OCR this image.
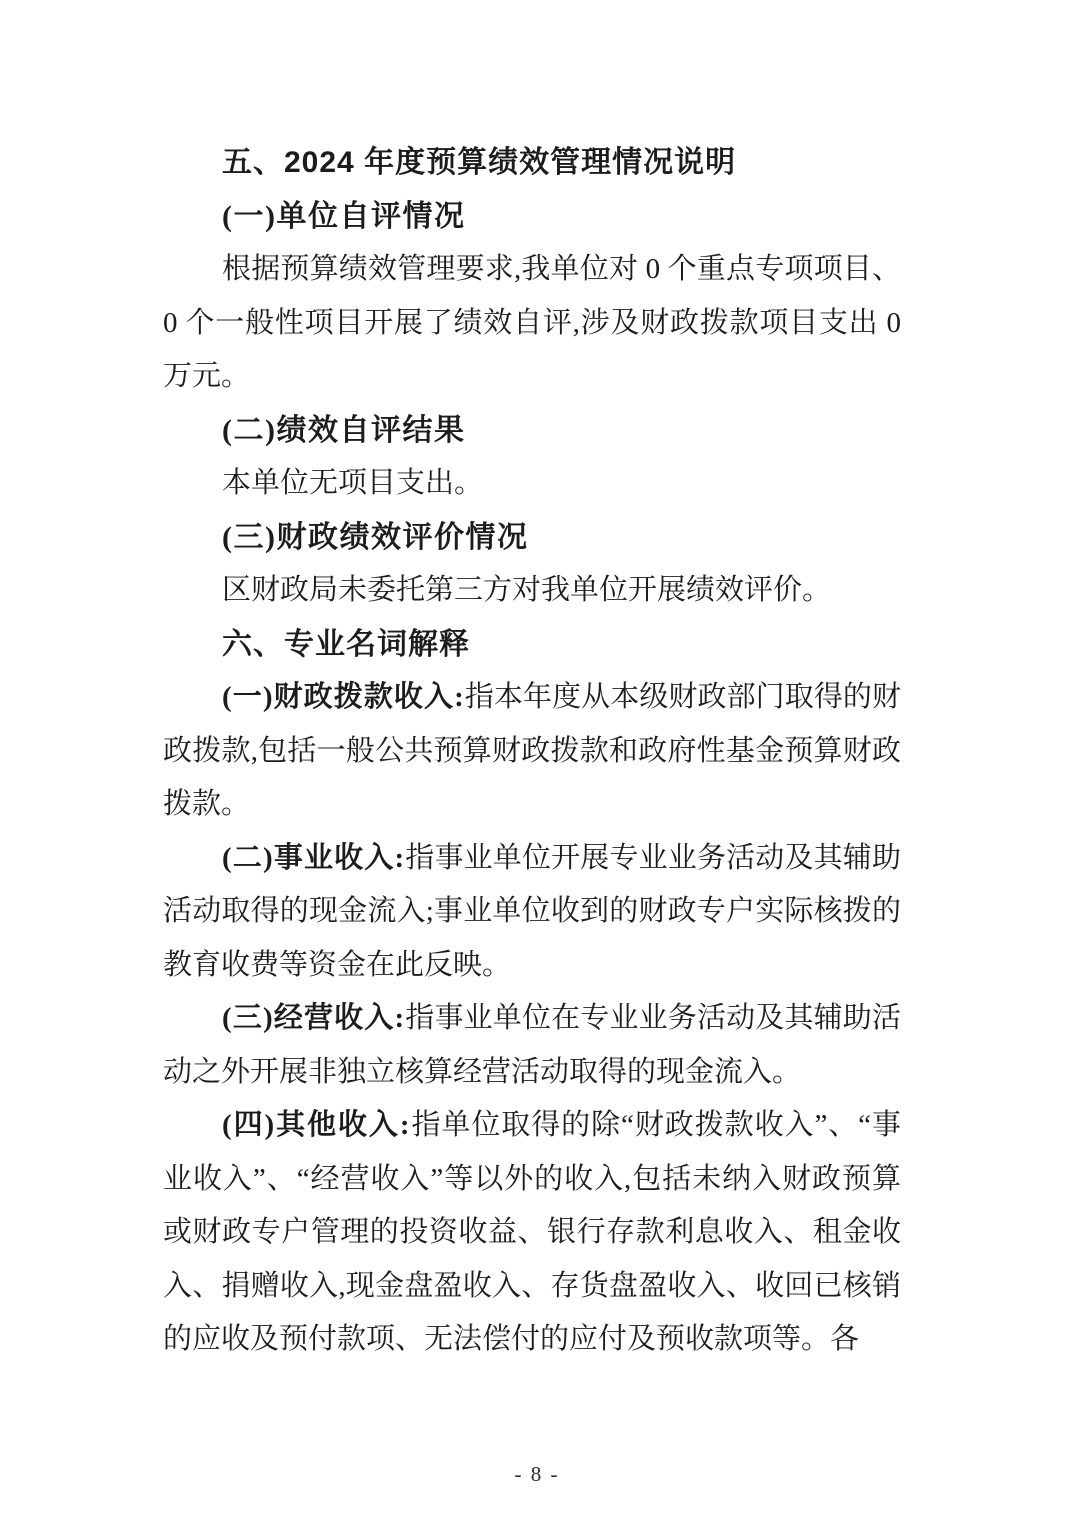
五、2024 年度预算绩效管理情况说明

(一)单位自评情况

根据预算绩效管理要求,我单位对 0 个重点专项项目、0 个一般性项目开展了绩效自评,涉及财政拨款项目支出 0 万元。

(二)绩效自评结果

本单位无项目支出。

(三)财政绩效评价情况

区财政局未委托第三方对我单位开展绩效评价。

六、专业名词解释

(一)财政拨款收入:指本年度从本级财政部门取得的财政拨款,包括一般公共预算财政拨款和政府性基金预算财政拨款。

(二)事业收入:指事业单位开展专业业务活动及其辅助活动取得的现金流入;事业单位收到的财政专户实际核拨的教育收费等资金在此反映。

(三)经营收入:指事业单位在专业业务活动及其辅助活动之外开展非独立核算经营活动取得的现金流入。

(四)其他收入:指单位取得的除“财政拨款收入”、“事业收入”、“经营收入”等以外的收入,包括未纳入财政预算或财政专户管理的投资收益、银行存款利息收入、租金收入、捐赠收入,现金盘盈收入、存货盘盈收入、收回已核销的应收及预付款项、无法偿付的应付及预收款项等。各

- 8 -
